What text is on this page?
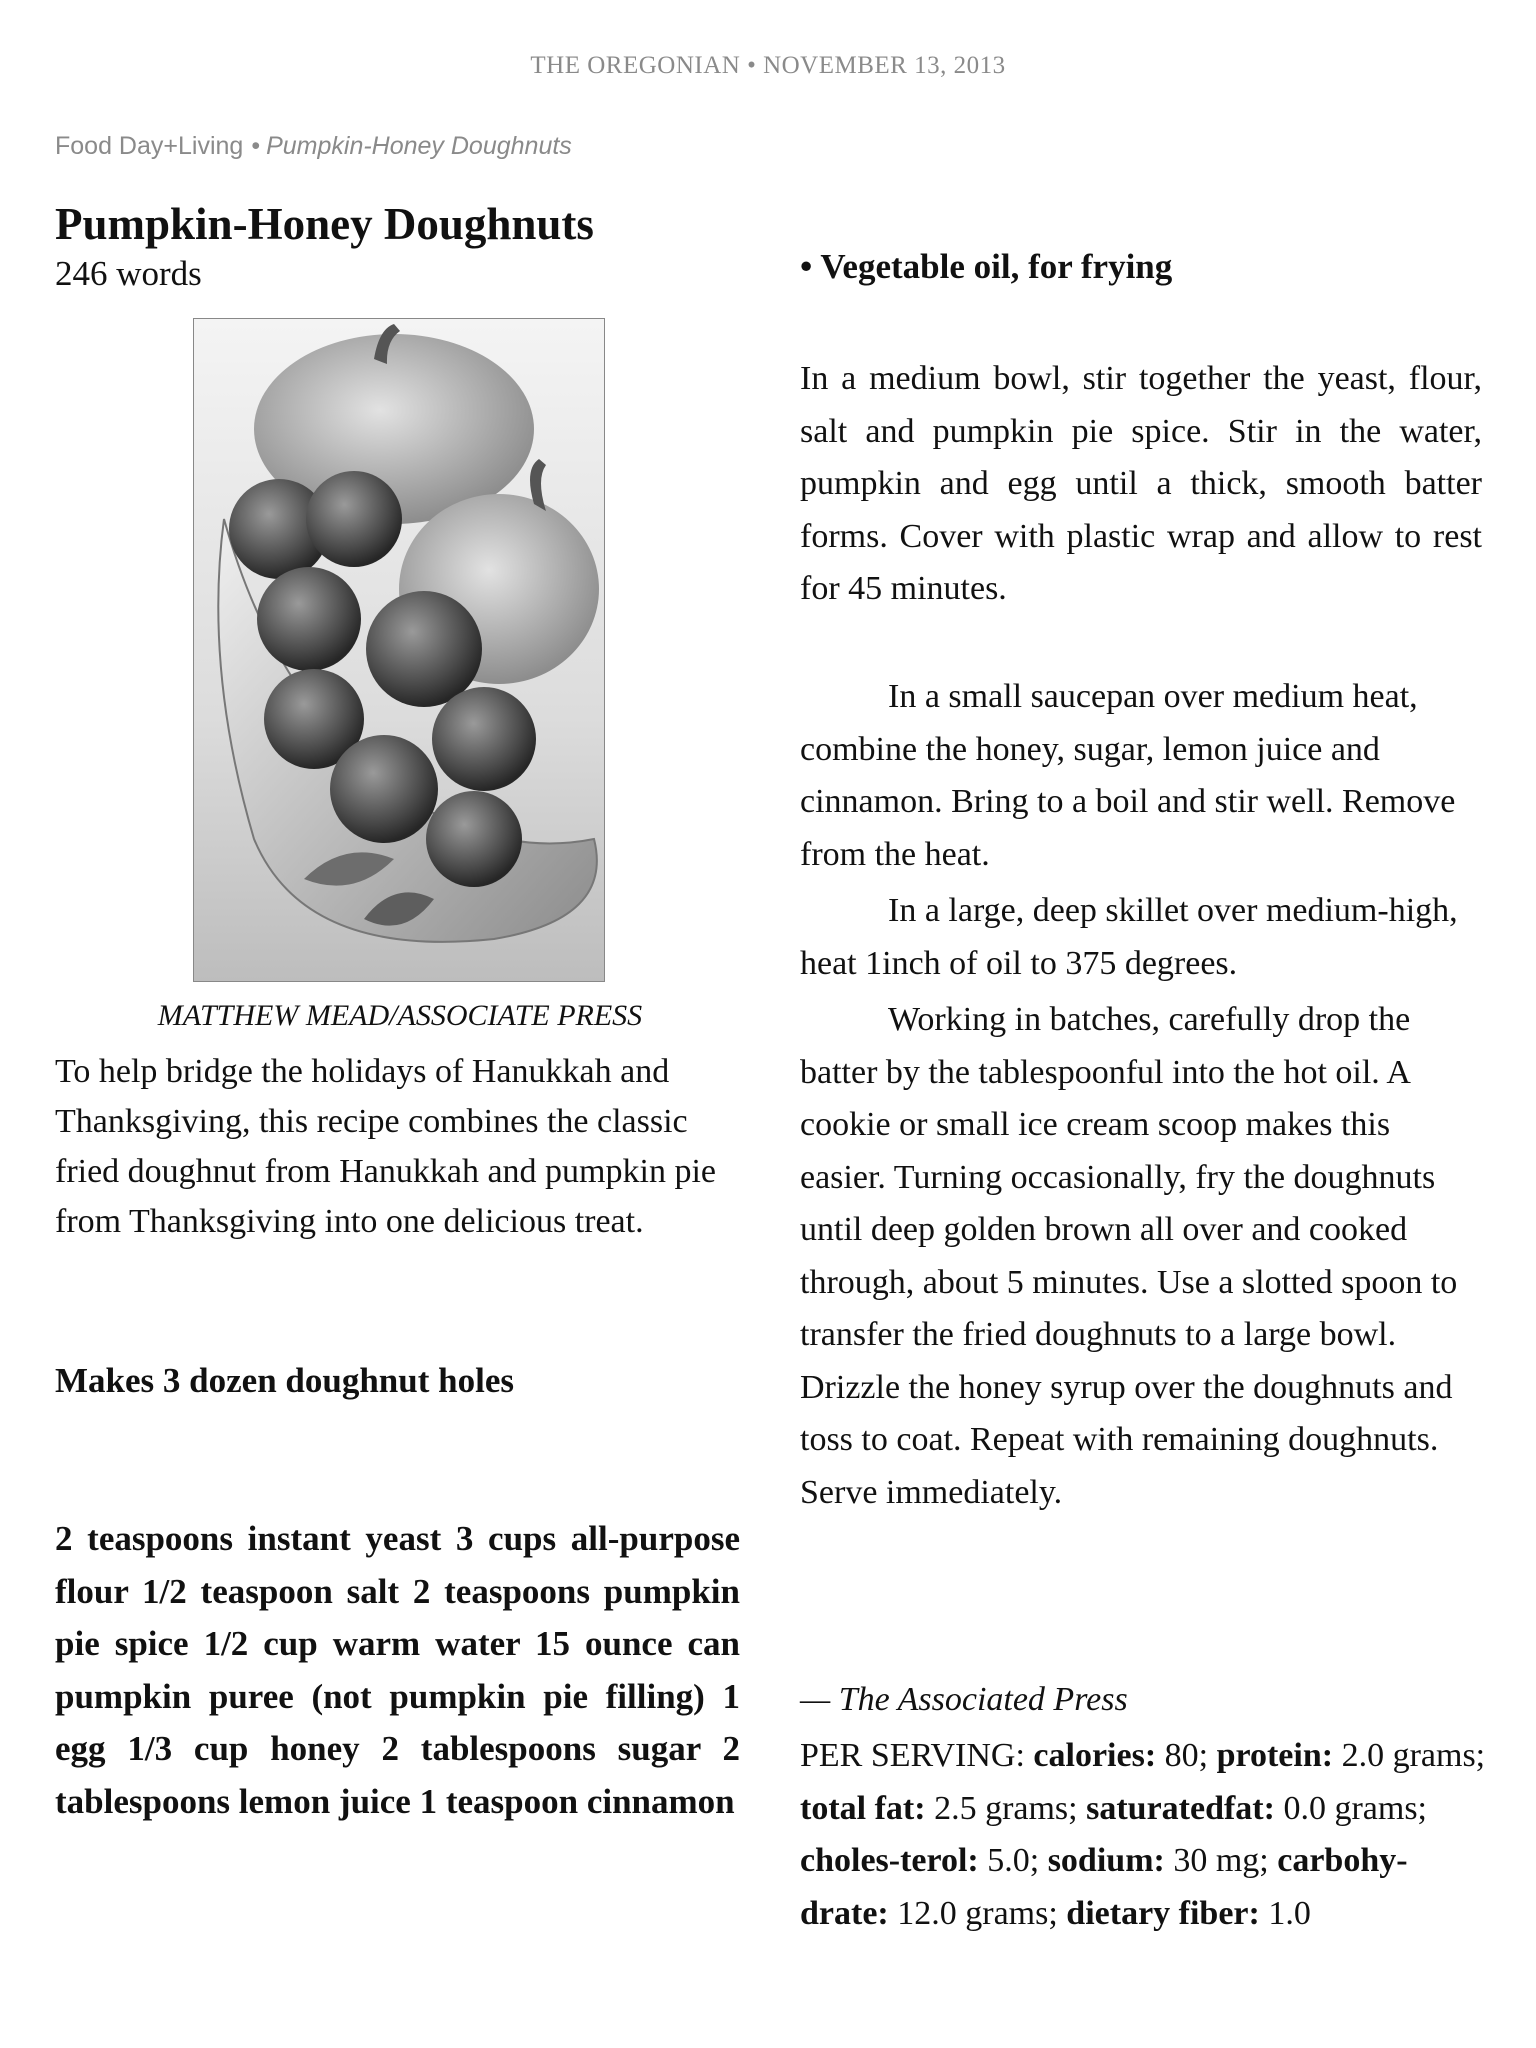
THE OREGONIAN • NOVEMBER 13, 2013
Food Day+Living • Pumpkin-Honey Doughnuts
Pumpkin-Honey Doughnuts

246 words

MATTHEW MEAD/ASSOCIATE PRESS

To help bridge the holidays of Hanukkah and Thanksgiving, this recipe combines the classic fried doughnut from Hanukkah and pumpkin pie from Thanksgiving into one delicious treat.

Makes 3 dozen doughnut holes

2 teaspoons instant yeast 3 cups all-purpose flour 1/2 teaspoon salt 2 teaspoons pumpkin pie spice 1/2 cup warm water 15 ounce can pumpkin puree (not pumpkin pie filling) 1 egg 1/3 cup honey 2 tablespoons sugar 2 tablespoons lemon juice 1 teaspoon cinnamon

• Vegetable oil, for frying

In a medium bowl, stir together the yeast, flour, salt and pumpkin pie spice. Stir in the water, pumpkin and egg until a thick, smooth batter forms. Cover with plastic wrap and allow to rest for 45 minutes.

In a small saucepan over medium heat, combine the honey, sugar, lemon juice and cinnamon. Bring to a boil and stir well. Remove from the heat.

In a large, deep skillet over medium-high, heat 1inch of oil to 375 degrees.

Working in batches, carefully drop the batter by the tablespoonful into the hot oil. A cookie or small ice cream scoop makes this easier. Turning occasionally, fry the doughnuts until deep golden brown all over and cooked through, about 5 minutes. Use a slotted spoon to transfer the fried doughnuts to a large bowl. Drizzle the honey syrup over the doughnuts and toss to coat. Repeat with remaining doughnuts. Serve immediately.

— The Associated Press

PER SERVING: calories: 80; protein: 2.0 grams; total fat: 2.5 grams; saturatedfat: 0.0 grams; choles-terol: 5.0; sodium: 30 mg; carbohy-drate: 12.0 grams; dietary fiber: 1.0
